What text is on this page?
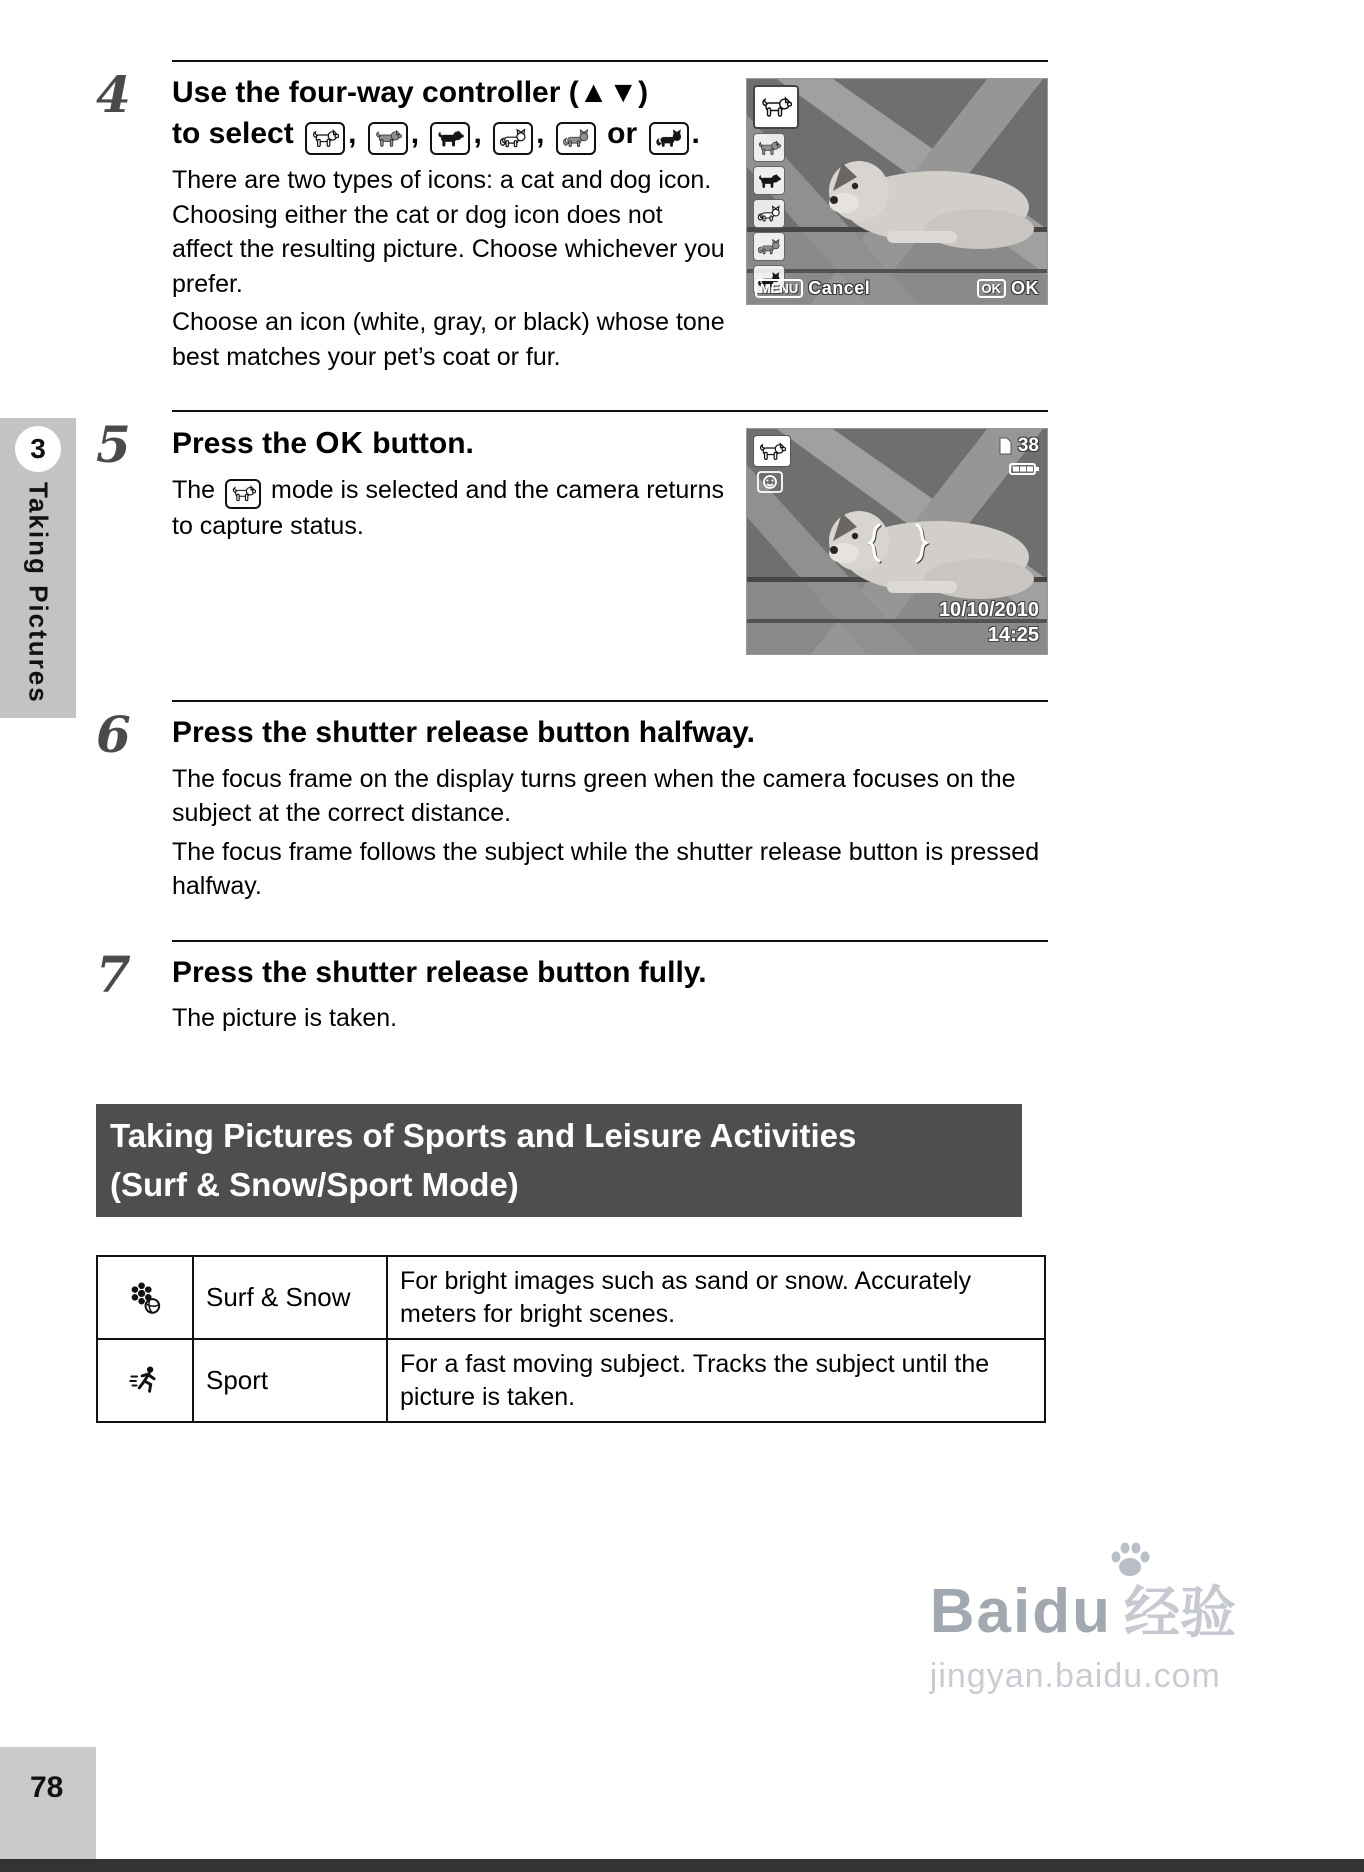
3
Taking Pictures
4
MENU Cancel	OK OK
Use the four-way controller (▲▼)
to select , , , , or .

There are two types of icons: a cat and dog icon. Choosing either the cat or dog icon does not affect the resulting picture. Choose whichever you prefer.

Choose an icon (white, gray, or black) whose tone best matches your pet’s coat or fur.

5	38
10/10/2010
14:25
Press the OK button.

The mode is selected and the camera returns to capture status.

6	Press the shutter release button halfway.

The focus frame on the display turns green when the camera focuses on the subject at the correct distance.

The focus frame follows the subject while the shutter release button is pressed halfway.

7	Press the shutter release button fully.

The picture is taken.

Taking Pictures of Sports and Leisure Activities
(Surf & Snow/Sport Mode)
	Surf & Snow	For bright images such as sand or snow. Accurately meters for bright scenes.
	Sport	For a fast moving subject. Tracks the subject until the picture is taken.
Baidu 经验
jingyan.baidu.com
78
